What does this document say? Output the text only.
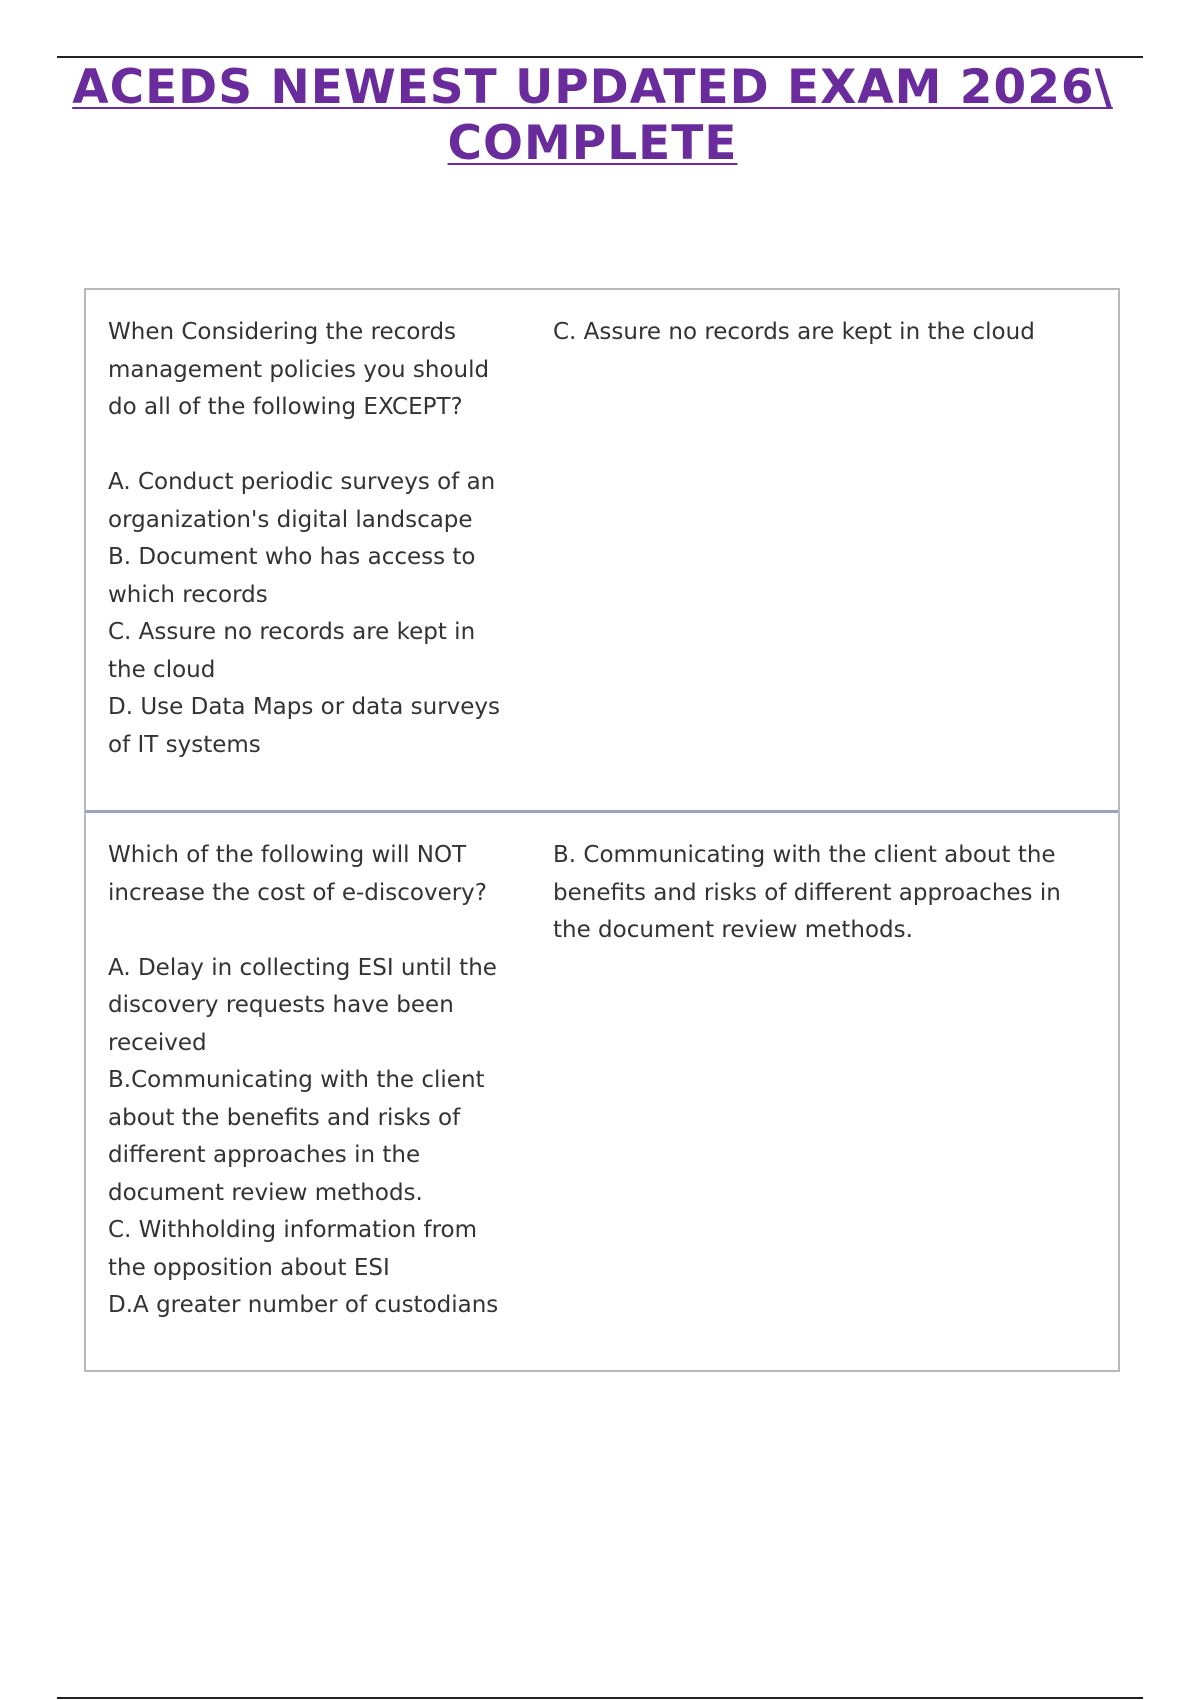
ACEDS NEWEST UPDATED EXAM 2026\
COMPLETE
When Considering the records management policies you should do all of the following EXCEPT?
A. Conduct periodic surveys of an organization's digital landscape
B. Document who has access to which records
C. Assure no records are kept in the cloud
D. Use Data Maps or data surveys of IT systems
C. Assure no records are kept in the cloud
Which of the following will NOT increase the cost of e-discovery?
A. Delay in collecting ESI until the discovery requests have been received
B.Communicating with the client about the benefits and risks of different approaches in the document review methods.
C. Withholding information from the opposition about ESI
D.A greater number of custodians
B. Communicating with the client about the benefits and risks of different approaches in the document review methods.
